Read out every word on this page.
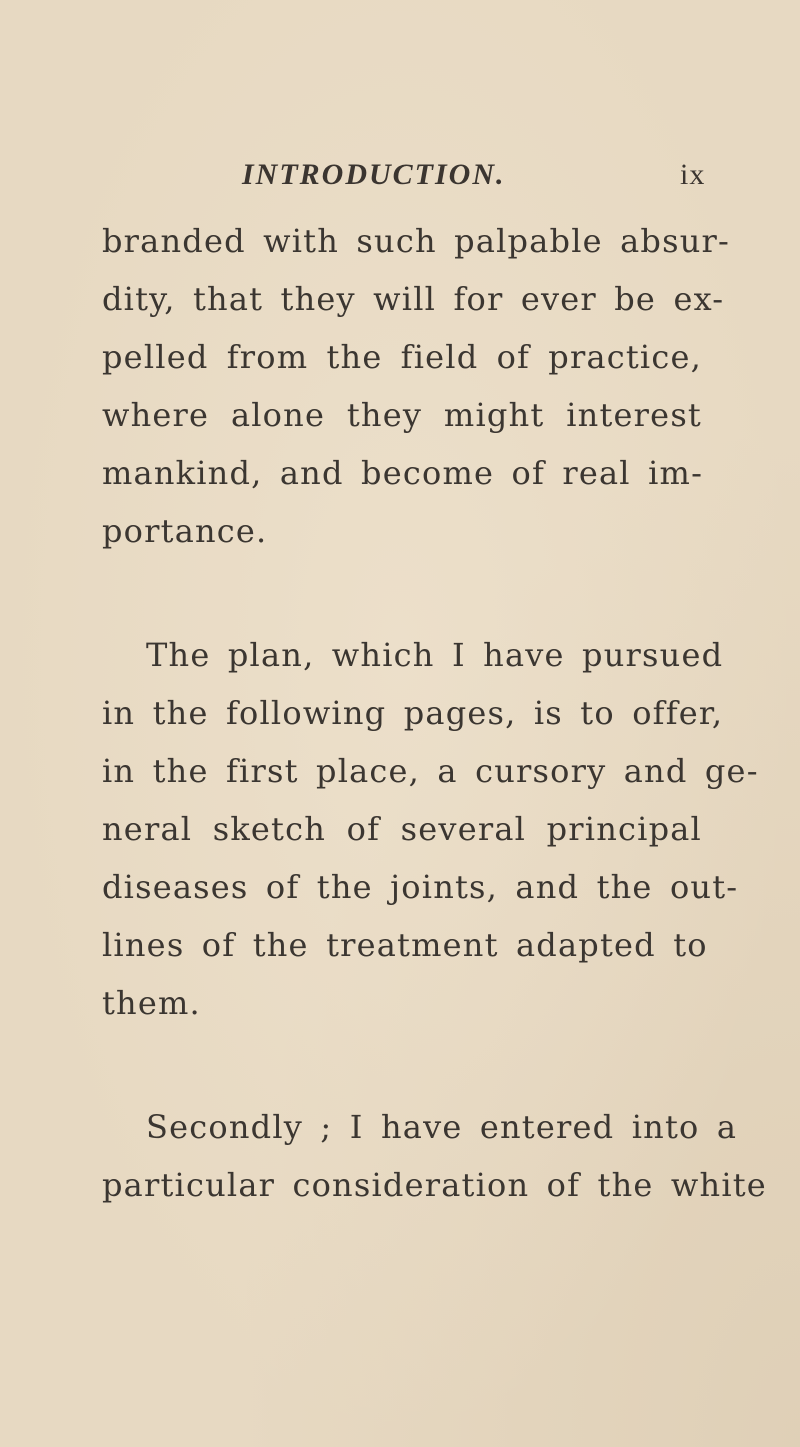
INTRODUCTION.	ix
branded with such palpable absur-
dity, that they will for ever be ex-
pelled from the field of practice,
where alone they might interest
mankind, and become of real im-
portance.
The plan, which I have pursued
in the following pages, is to offer,
in the first place, a cursory and ge-
neral sketch of several principal
diseases of the joints, and the out-
lines of the treatment adapted to
them.
Secondly ; I have entered into a
particular consideration of the white
